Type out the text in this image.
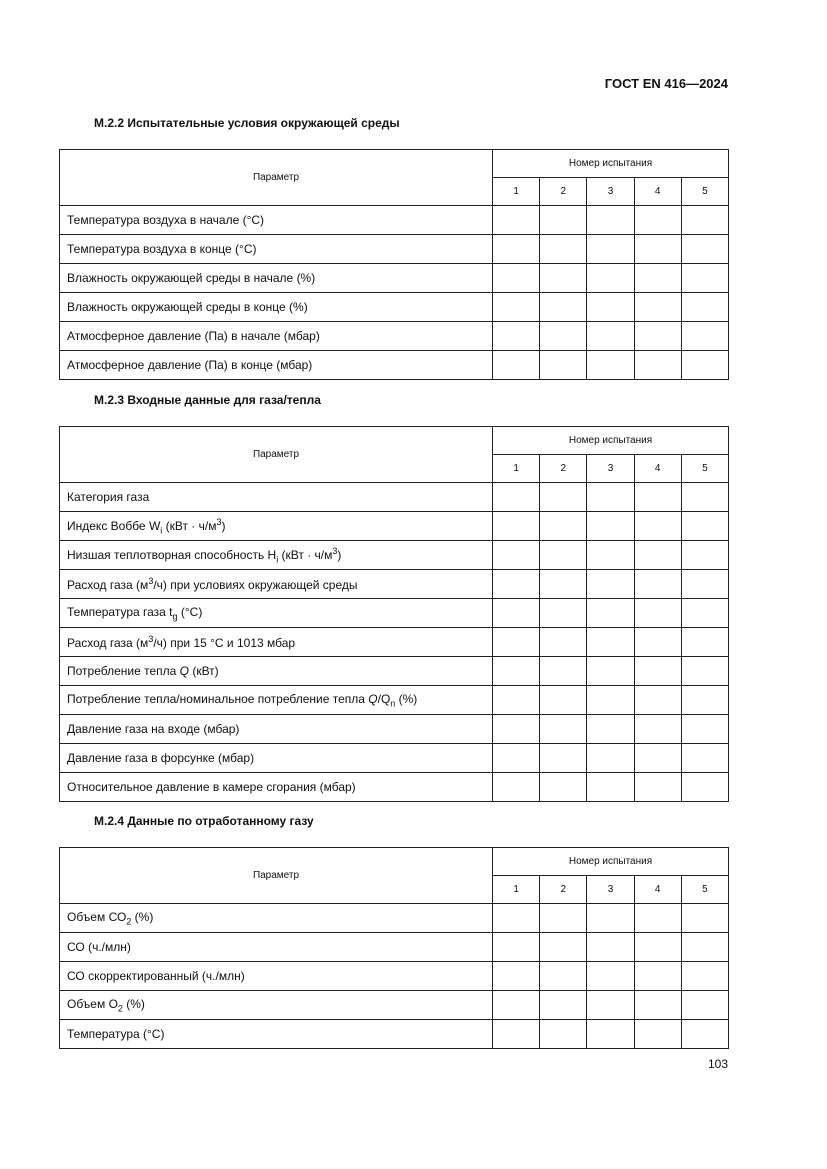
ГОСТ EN 416—2024
М.2.2 Испытательные условия окружающей среды
Параметр	Номер испытания				
	1	2	3	4	5
Температура воздуха в начале (°С)					
Температура воздуха в конце (°С)					
Влажность окружающей среды в начале (%)					
Влажность окружающей среды в конце (%)					
Атмосферное давление (Па) в начале (мбар)					
Атмосферное давление (Па) в конце (мбар)					
М.2.3 Входные данные для газа/тепла
Параметр	Номер испытания				
	1	2	3	4	5
Категория газа					
Индекс Воббе $W_i$ $(кВт \cdot ч/м^3)$					
Низшая теплотворная способность $H_i$ $(кВт \cdot ч/м^3)$					
Расход газа $(м^3/ч)$ при условиях окружающей среды					
Температура газа $t_g$ (°С)					
Расход газа $(м^3/ч)$ при 15 °С и 1013 мбар					
Потребление тепла Q (кВт)					
Потребление тепла/номинальное потребление тепла $Q/Q_n$ (%)					
Давление газа на входе (мбар)					
Давление газа в форсунке (мбар)					
Относительное давление в камере сгорания (мбар)					
М.2.4 Данные по отработанному газу
Параметр	Номер испытания				
	1	2	3	4	5
Объем $СО_2$ (%)					
СО (ч./млн)					
СО скорректированный (ч./млн)					
Объем $О_2$ (%)					
Температура (°С)					
103
